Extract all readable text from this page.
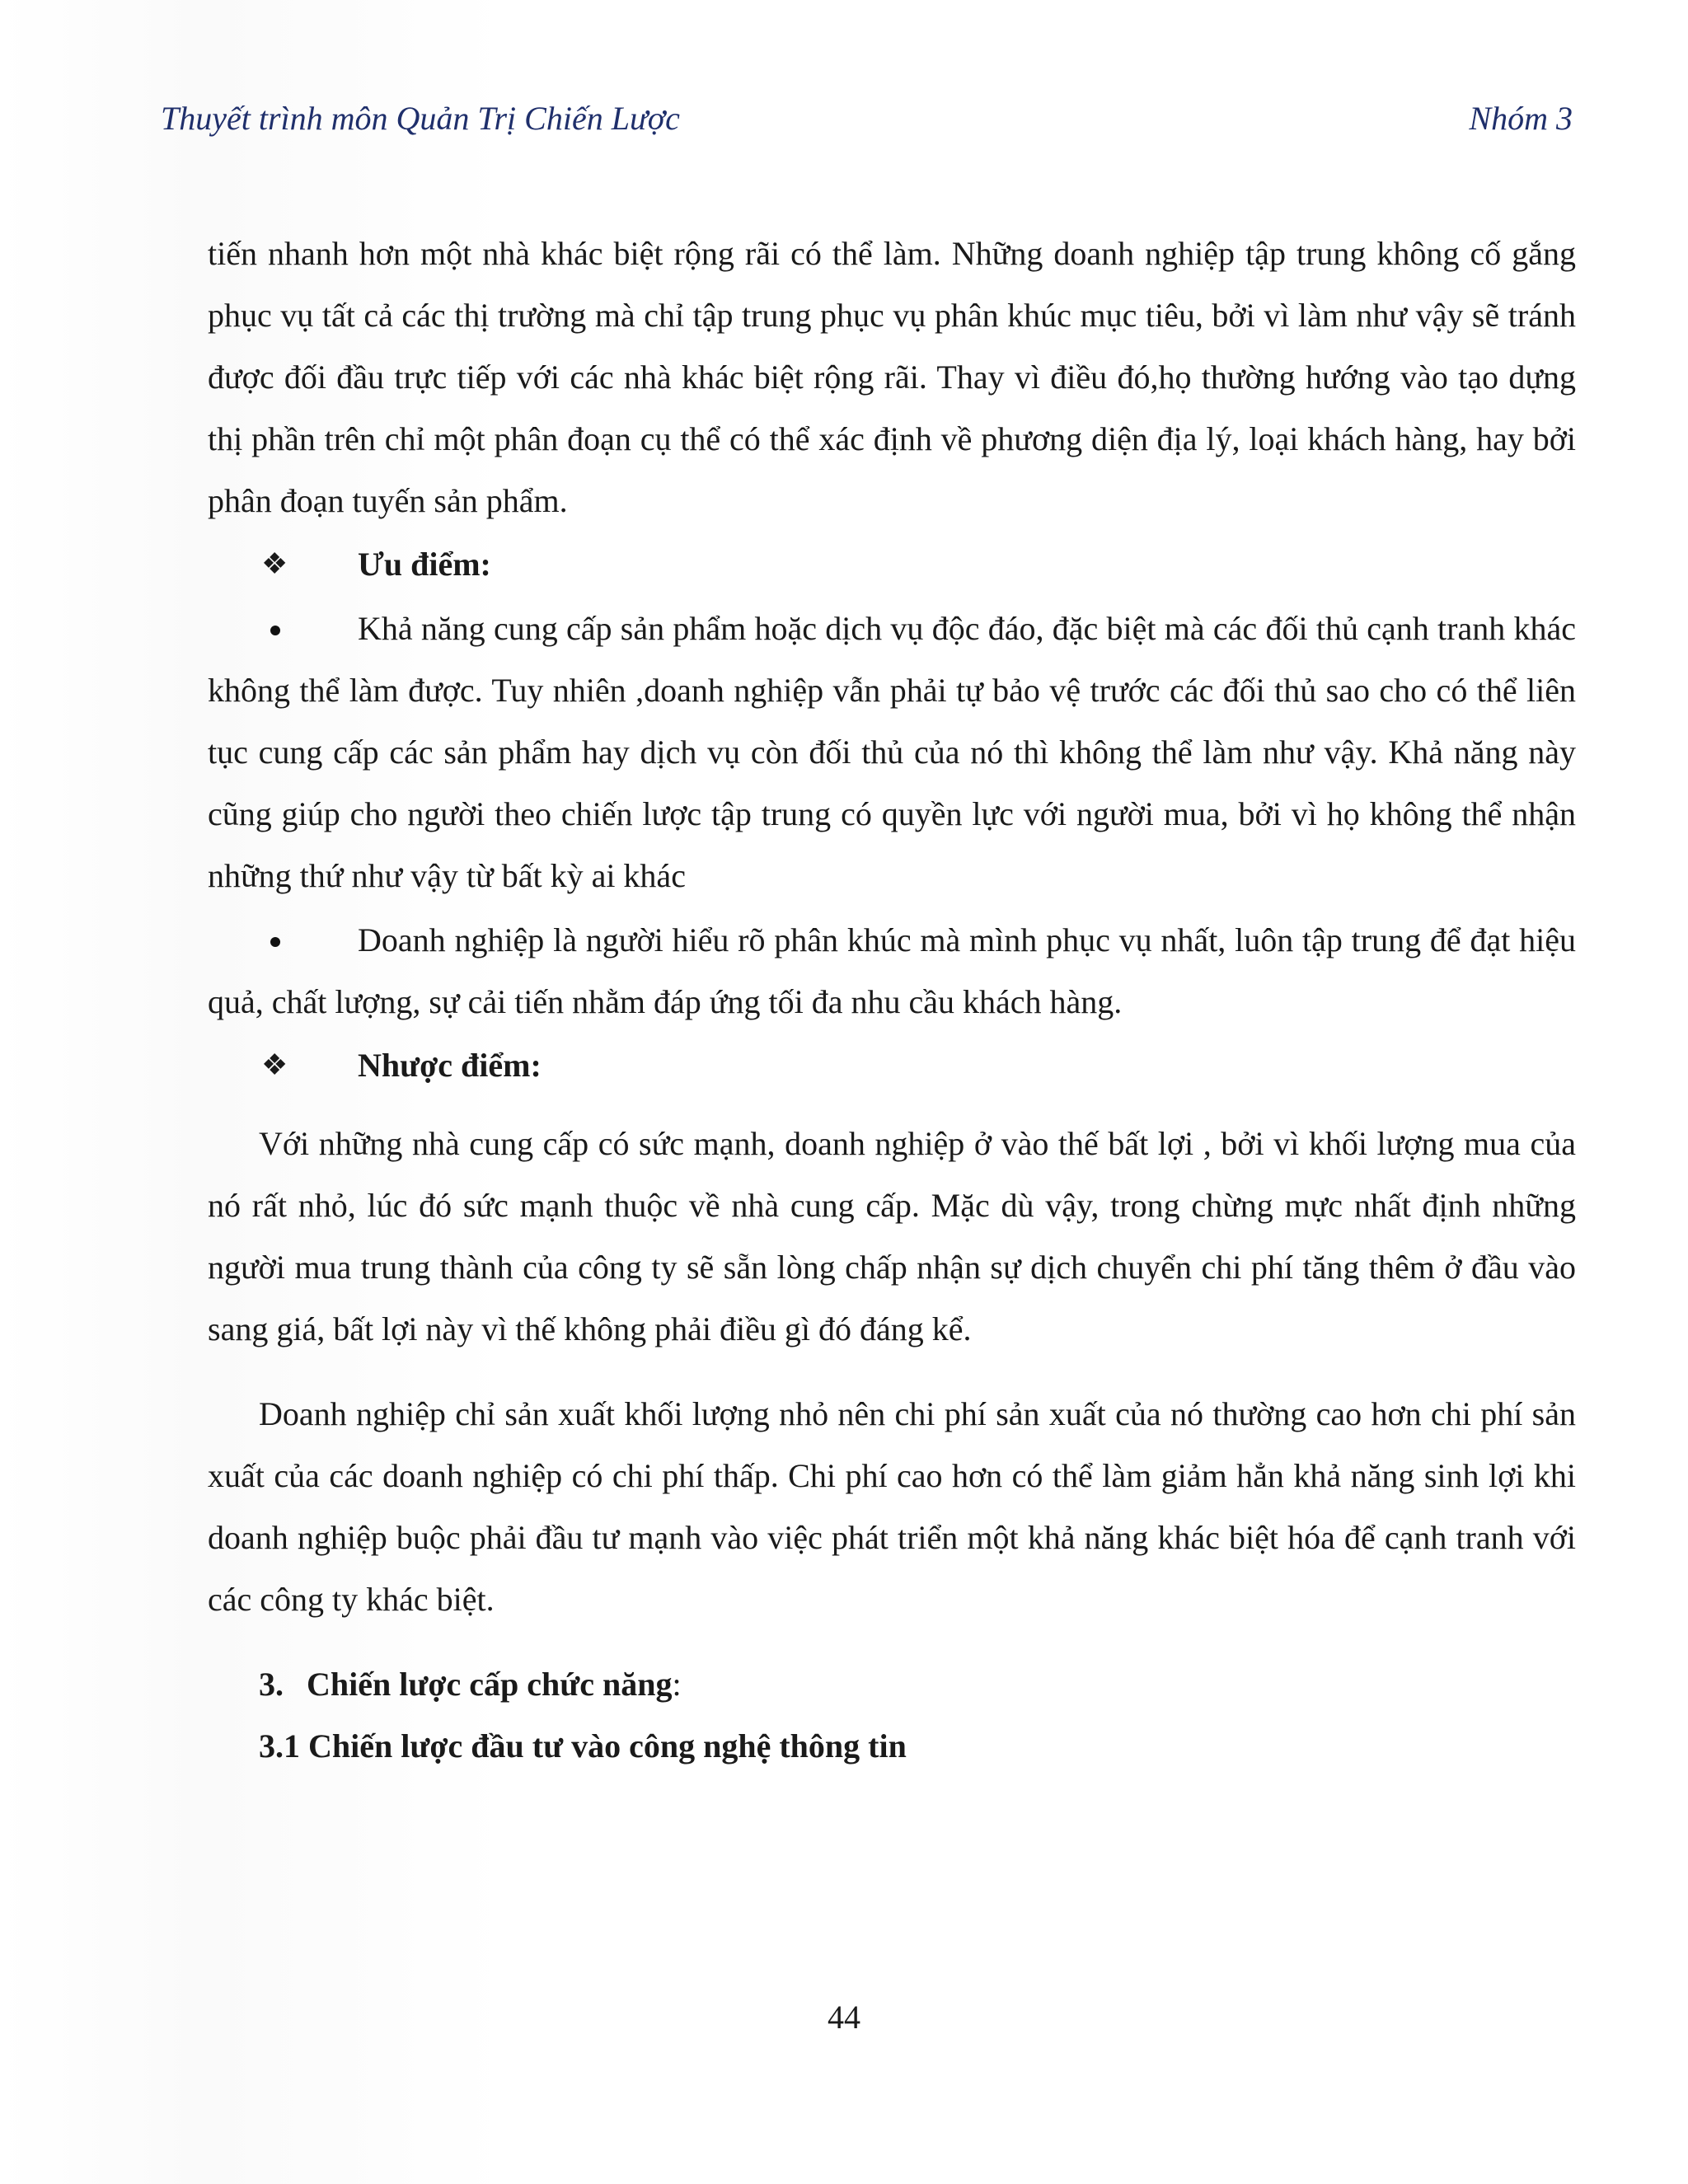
Thuyết trình môn Quản Trị Chiến Lược	Nhóm 3

tiến nhanh hơn một nhà khác biệt rộng rãi có thể làm. Những doanh nghiệp tập trung không cố gắng phục vụ tất cả các thị trường mà chỉ tập trung phục vụ phân khúc mục tiêu, bởi vì làm như vậy sẽ tránh được đối đầu trực tiếp với các nhà khác biệt rộng rãi. Thay vì điều đó,họ thường hướng vào tạo dựng thị phần trên chỉ một phân đoạn cụ thể có thể xác định về phương diện địa lý, loại khách hàng, hay bởi phân đoạn tuyến sản phẩm.

❖ Ưu điểm:
Khả năng cung cấp sản phẩm hoặc dịch vụ độc đáo, đặc biệt mà các đối thủ cạnh tranh khác không thể làm được. Tuy nhiên ,doanh nghiệp vẫn phải tự bảo vệ trước các đối thủ sao cho có thể liên tục cung cấp các sản phẩm hay dịch vụ còn đối thủ của nó thì không thể làm như vậy. Khả năng này cũng giúp cho người theo chiến lược tập trung có quyền lực với người mua, bởi vì họ không thể nhận những thứ như vậy từ bất kỳ ai khác
Doanh nghiệp là người hiểu rõ phân khúc mà mình phục vụ nhất, luôn tập trung để đạt hiệu quả, chất lượng, sự cải tiến nhằm đáp ứng tối đa nhu cầu khách hàng.
❖ Nhược điểm:

Với những nhà cung cấp có sức mạnh, doanh nghiệp ở vào thế bất lợi , bởi vì khối lượng mua của nó rất nhỏ, lúc đó sức mạnh thuộc về nhà cung cấp. Mặc dù vậy, trong chừng mực nhất định những người mua trung thành của công ty sẽ sẵn lòng chấp nhận sự dịch chuyển chi phí tăng thêm ở đầu vào sang giá, bất lợi này vì thế không phải điều gì đó đáng kể.

Doanh nghiệp chỉ sản xuất khối lượng nhỏ nên chi phí sản xuất của nó thường cao hơn chi phí sản xuất của các doanh nghiệp có chi phí thấp. Chi phí cao hơn có thể làm giảm hẳn khả năng sinh lợi khi doanh nghiệp buộc phải đầu tư mạnh vào việc phát triển một khả năng khác biệt hóa để cạnh tranh với các công ty khác biệt.

3. Chiến lược cấp chức năng:
3.1 Chiến lược đầu tư vào công nghệ thông tin
44
